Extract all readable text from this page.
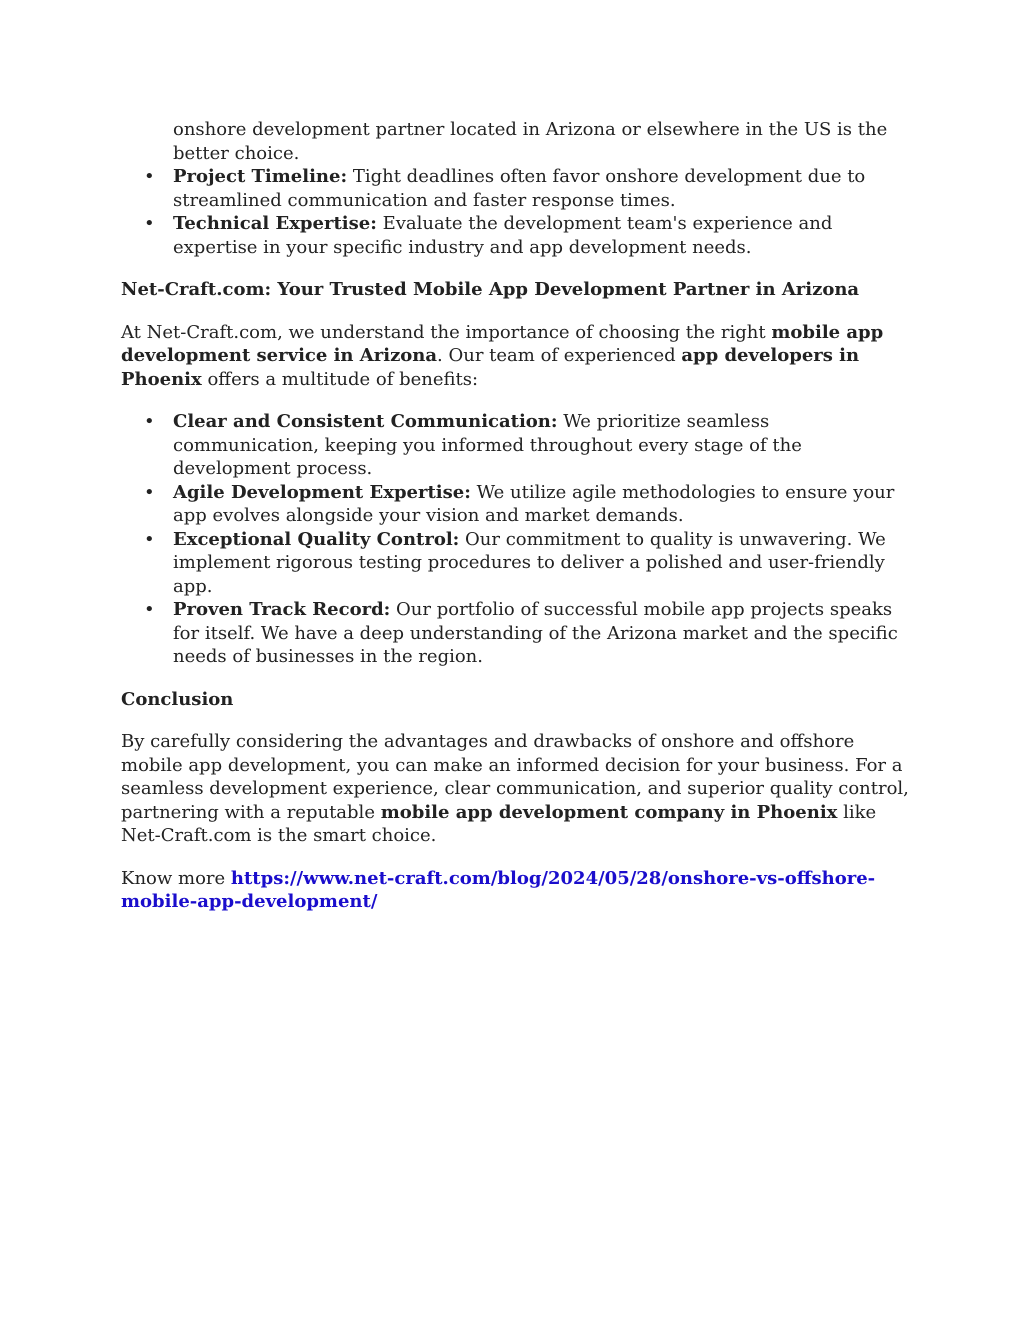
onshore development partner located in Arizona or elsewhere in the US is the better choice.
• Project Timeline: Tight deadlines often favor onshore development due to streamlined communication and faster response times.
• Technical Expertise: Evaluate the development team's experience and expertise in your specific industry and app development needs.

Net-Craft.com: Your Trusted Mobile App Development Partner in Arizona

At Net-Craft.com, we understand the importance of choosing the right mobile app development service in Arizona. Our team of experienced app developers in Phoenix offers a multitude of benefits:

• Clear and Consistent Communication: We prioritize seamless communication, keeping you informed throughout every stage of the development process.
• Agile Development Expertise: We utilize agile methodologies to ensure your app evolves alongside your vision and market demands.
• Exceptional Quality Control: Our commitment to quality is unwavering. We implement rigorous testing procedures to deliver a polished and user-friendly app.
• Proven Track Record: Our portfolio of successful mobile app projects speaks for itself. We have a deep understanding of the Arizona market and the specific needs of businesses in the region.

Conclusion

By carefully considering the advantages and drawbacks of onshore and offshore mobile app development, you can make an informed decision for your business. For a seamless development experience, clear communication, and superior quality control, partnering with a reputable mobile app development company in Phoenix like Net-Craft.com is the smart choice.

Know more https://www.net-craft.com/blog/2024/05/28/onshore-vs-offshore-mobile-app-development/
